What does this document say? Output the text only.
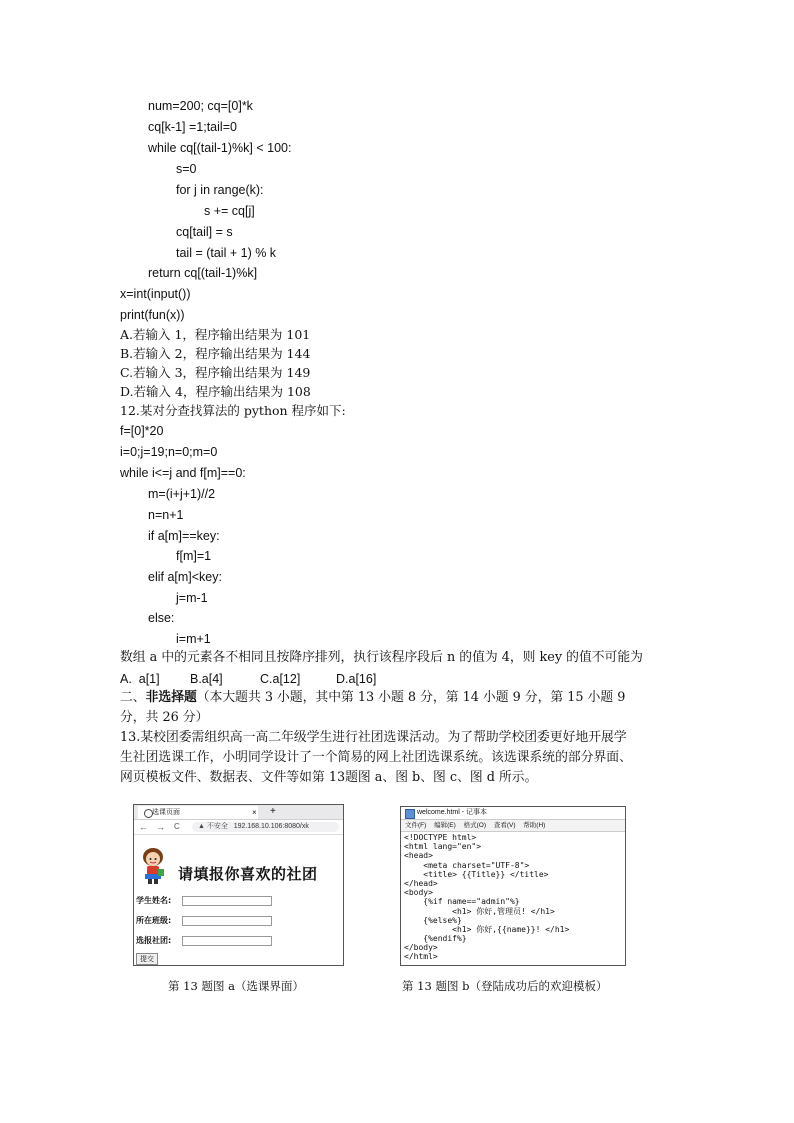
num=200; cq=[0]*k
cq[k-1] =1;tail=0
while cq[(tail-1)%k] < 100:
s=0
for j in range(k):
s += cq[j]
cq[tail] = s
tail = (tail + 1) % k
return cq[(tail-1)%k]
x=int(input())
print(fun(x))
A.若输入 1，程序输出结果为 101
B.若输入 2，程序输出结果为 144
C.若输入 3，程序输出结果为 149
D.若输入 4，程序输出结果为 108
12.某对分查找算法的 python 程序如下:
f=[0]*20
i=0;j=19;n=0;m=0
while i<=j and f[m]==0:
m=(i+j+1)//2
n=n+1
if a[m]==key:
f[m]=1
elif a[m]<key:
j=m-1
else:
i=m+1
数组 a 中的元素各不相同且按降序排列，执行该程序段后 n 的值为 4，则 key 的值不可能为
A.  a[1] B.a[4]	C.a[12]	D.a[16]
二、非选择题（本大题共 3 小题，其中第 13 小题 8 分，第 14 小题 9 分，第 15 小题 9
分，共 26 分）
13.某校团委需组织高一高二年级学生进行社团选课活动。为了帮助学校团委更好地开展学
生社团选课工作，小明同学设计了一个简易的网上社团选课系统。该选课系统的部分界面、
网页模板文件、数据表、文件等如第 13题图 a、图 b、图 c、图 d 所示。
选课页面	× +
← → C	▲ 不安全 192.168.10.106:8080/xk
请填报你喜欢的社团
学生姓名:
所在班级:
选报社团:
提交
第 13 题图 a（选课界面）
welcome.html - 记事本
文件(F) 编辑(E) 格式(O) 查看(V) 帮助(H)
<!DOCTYPE html>
<html lang="en">
<head>
<meta charset="UTF-8">
<title> {{Title}} </title>
</head>
<body>
{%if name=="admin"%}
<h1> 你好,管理员! </h1>
{%else%}
<h1> 你好,{{name}}! </h1>
{%endif%}
</body>
</html>
第 13 题图 b（登陆成功后的欢迎模板）
